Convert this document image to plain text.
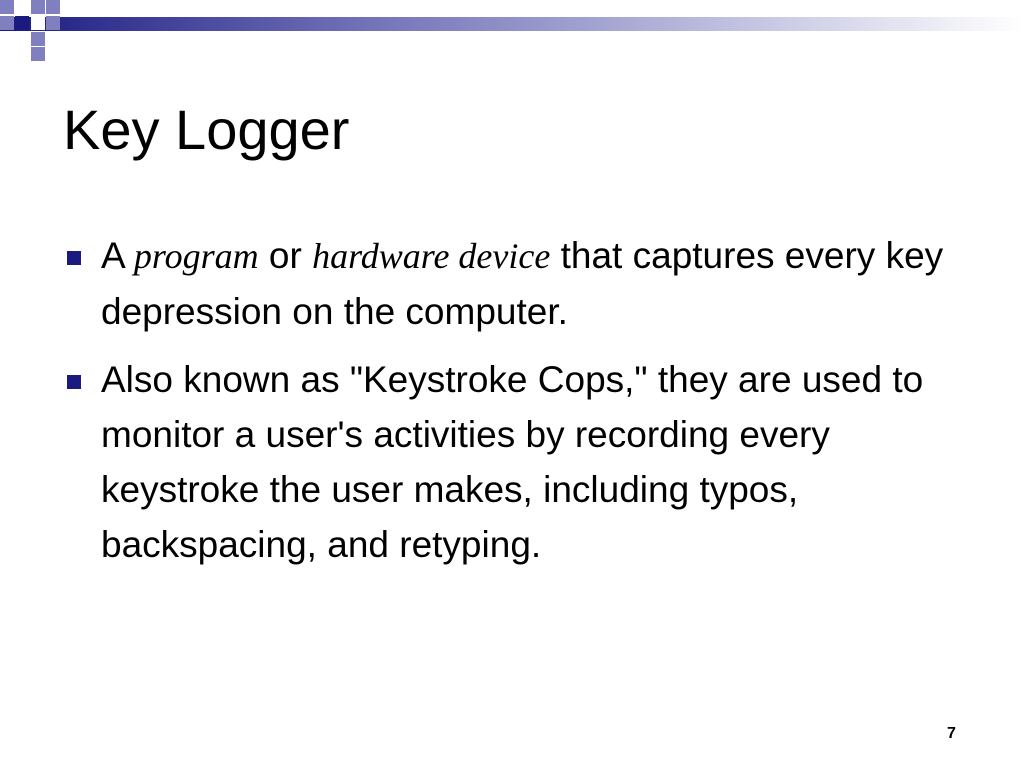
Key Logger
A program or hardware device that captures every key depression on the computer.
Also known as "Keystroke Cops," they are used to monitor a user's activities by recording every keystroke the user makes, including typos, backspacing, and retyping.
7
